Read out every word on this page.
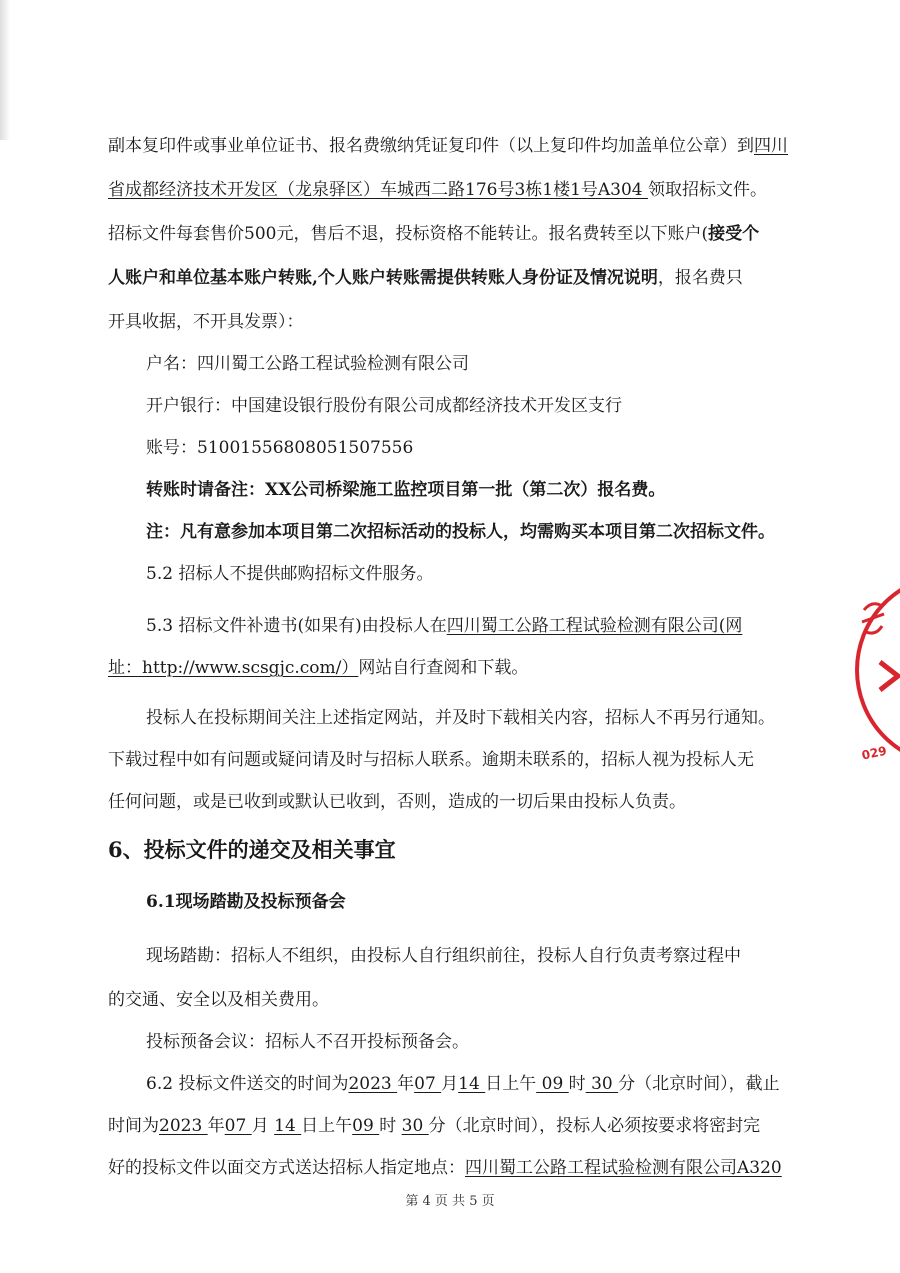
副本复印件或事业单位证书、报名费缴纳凭证复印件（以上复印件均加盖单位公章）到四川
省成都经济技术开发区（龙泉驿区）车城西二路176号3栋1楼1号A304 领取招标文件。
招标文件每套售价500元，售后不退，投标资格不能转让。报名费转至以下账户(接受个
人账户和单位基本账户转账,个人账户转账需提供转账人身份证及情况说明，报名费只
开具收据，不开具发票）：
户名：四川蜀工公路工程试验检测有限公司
开户银行：中国建设银行股份有限公司成都经济技术开发区支行
账号：51001556808051507556
转账时请备注：XX公司桥梁施工监控项目第一批（第二次）报名费。
注：凡有意参加本项目第二次招标活动的投标人，均需购买本项目第二次招标文件。
5.2 招标人不提供邮购招标文件服务。
5.3 招标文件补遗书(如果有)由投标人在四川蜀工公路工程试验检测有限公司(网
址：http://www.scsgjc.com/）网站自行查阅和下载。
投标人在投标期间关注上述指定网站，并及时下载相关内容，招标人不再另行通知。
下载过程中如有问题或疑问请及时与招标人联系。逾期未联系的，招标人视为投标人无
任何问题，或是已收到或默认已收到，否则，造成的一切后果由投标人负责。
现场踏勘：招标人不组织，由投标人自行组织前往，投标人自行负责考察过程中
的交通、安全以及相关费用。
投标预备会议：招标人不召开投标预备会。
6.2 投标文件送交的时间为2023 年07 月14 日上午 09 时 30 分（北京时间），截止
时间为2023 年07 月 14 日上午09 时 30 分（北京时间），投标人必须按要求将密封完
好的投标文件以面交方式送达招标人指定地点：四川蜀工公路工程试验检测有限公司A320
6、投标文件的递交及相关事宜
6.1现场踏勘及投标预备会
029
第 4 页 共 5 页
